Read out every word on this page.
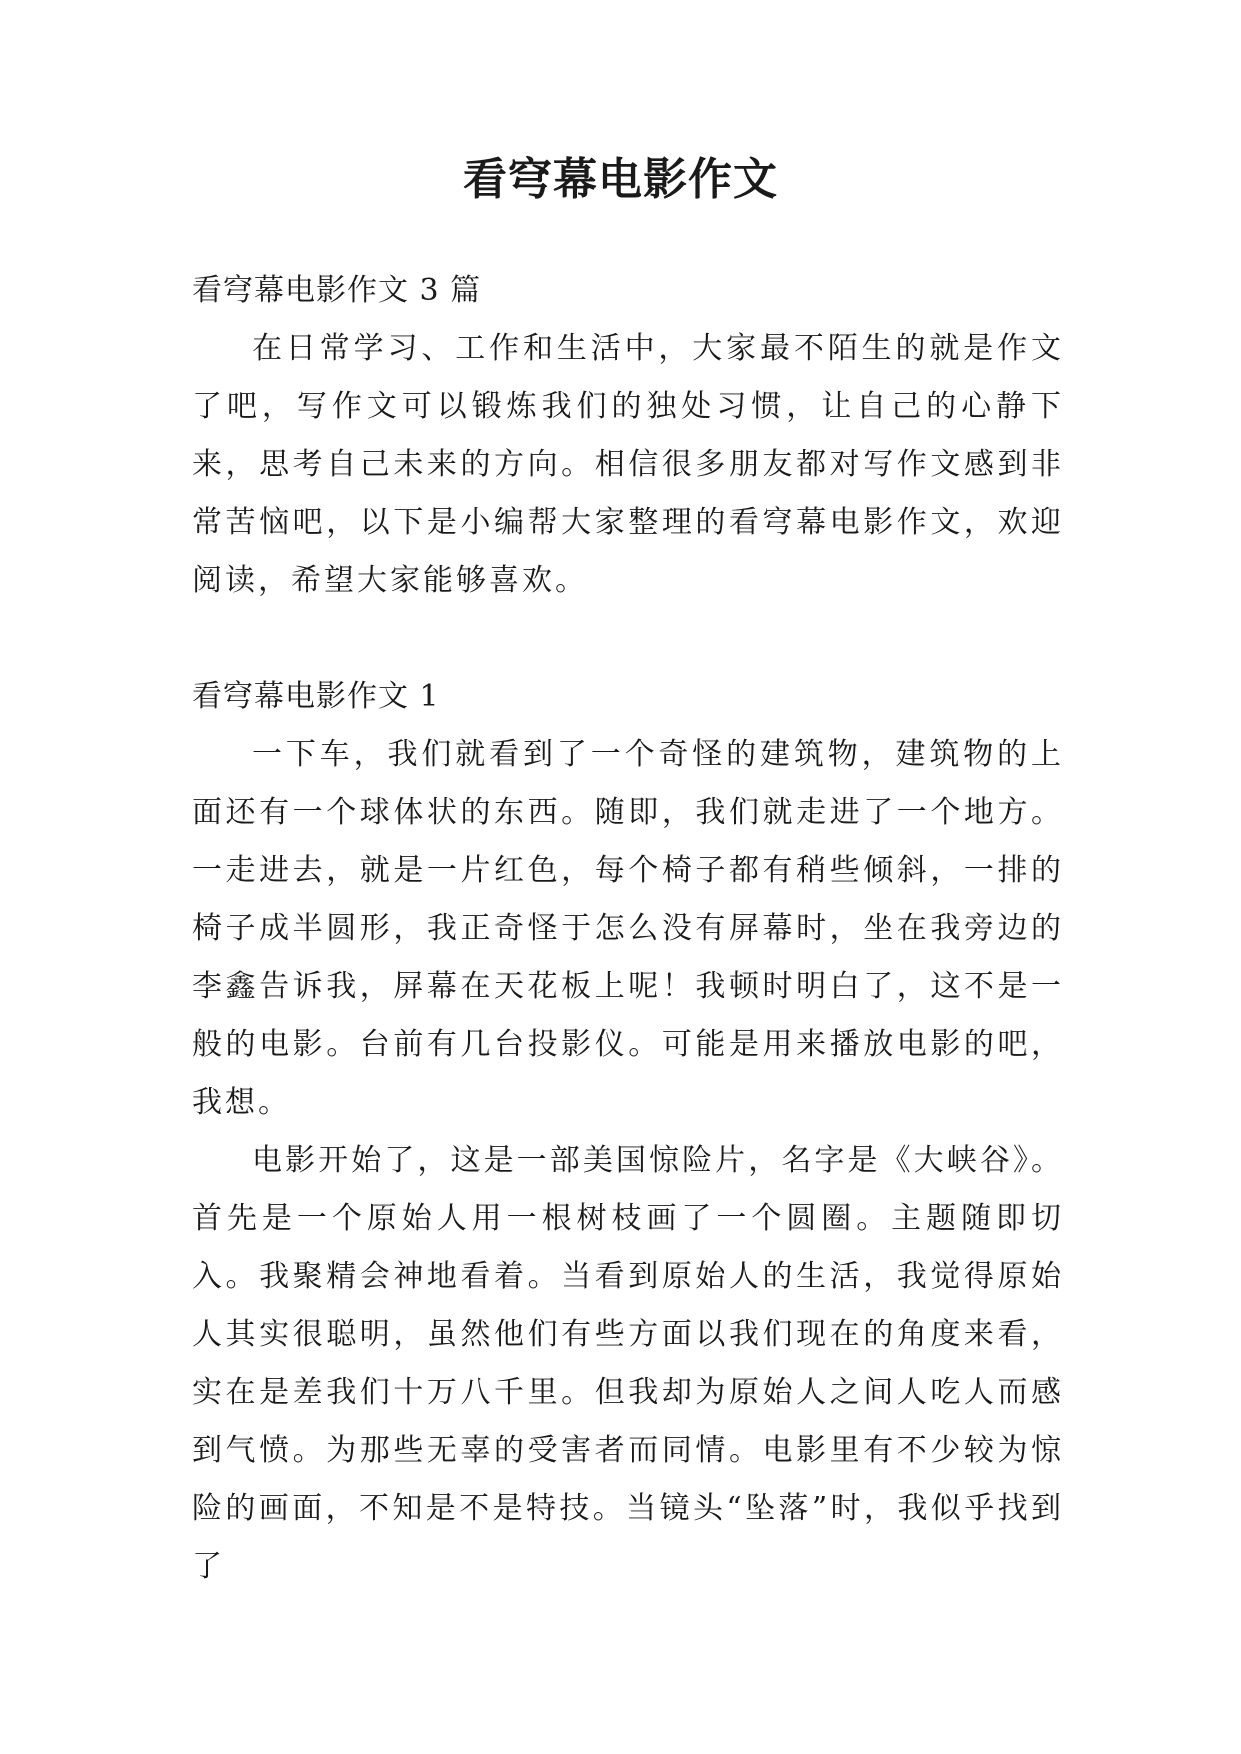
看穹幕电影作文

看穹幕电影作文 3 篇

在日常学习、工作和生活中，大家最不陌生的就是作文了吧，写作文可以锻炼我们的独处习惯，让自己的心静下来，思考自己未来的方向。相信很多朋友都对写作文感到非常苦恼吧，以下是小编帮大家整理的看穹幕电影作文，欢迎阅读，希望大家能够喜欢。

看穹幕电影作文 1

一下车，我们就看到了一个奇怪的建筑物，建筑物的上面还有一个球体状的东西。随即，我们就走进了一个地方。一走进去，就是一片红色，每个椅子都有稍些倾斜，一排的椅子成半圆形，我正奇怪于怎么没有屏幕时，坐在我旁边的李鑫告诉我，屏幕在天花板上呢！我顿时明白了，这不是一般的电影。台前有几台投影仪。可能是用来播放电影的吧，我想。

电影开始了，这是一部美国惊险片，名字是《大峡谷》。首先是一个原始人用一根树枝画了一个圆圈。主题随即切入。我聚精会神地看着。当看到原始人的生活，我觉得原始人其实很聪明，虽然他们有些方面以我们现在的角度来看，实在是差我们十万八千里。但我却为原始人之间人吃人而感到气愤。为那些无辜的受害者而同情。电影里有不少较为惊险的画面，不知是不是特技。当镜头“坠落”时，我似乎找到了
